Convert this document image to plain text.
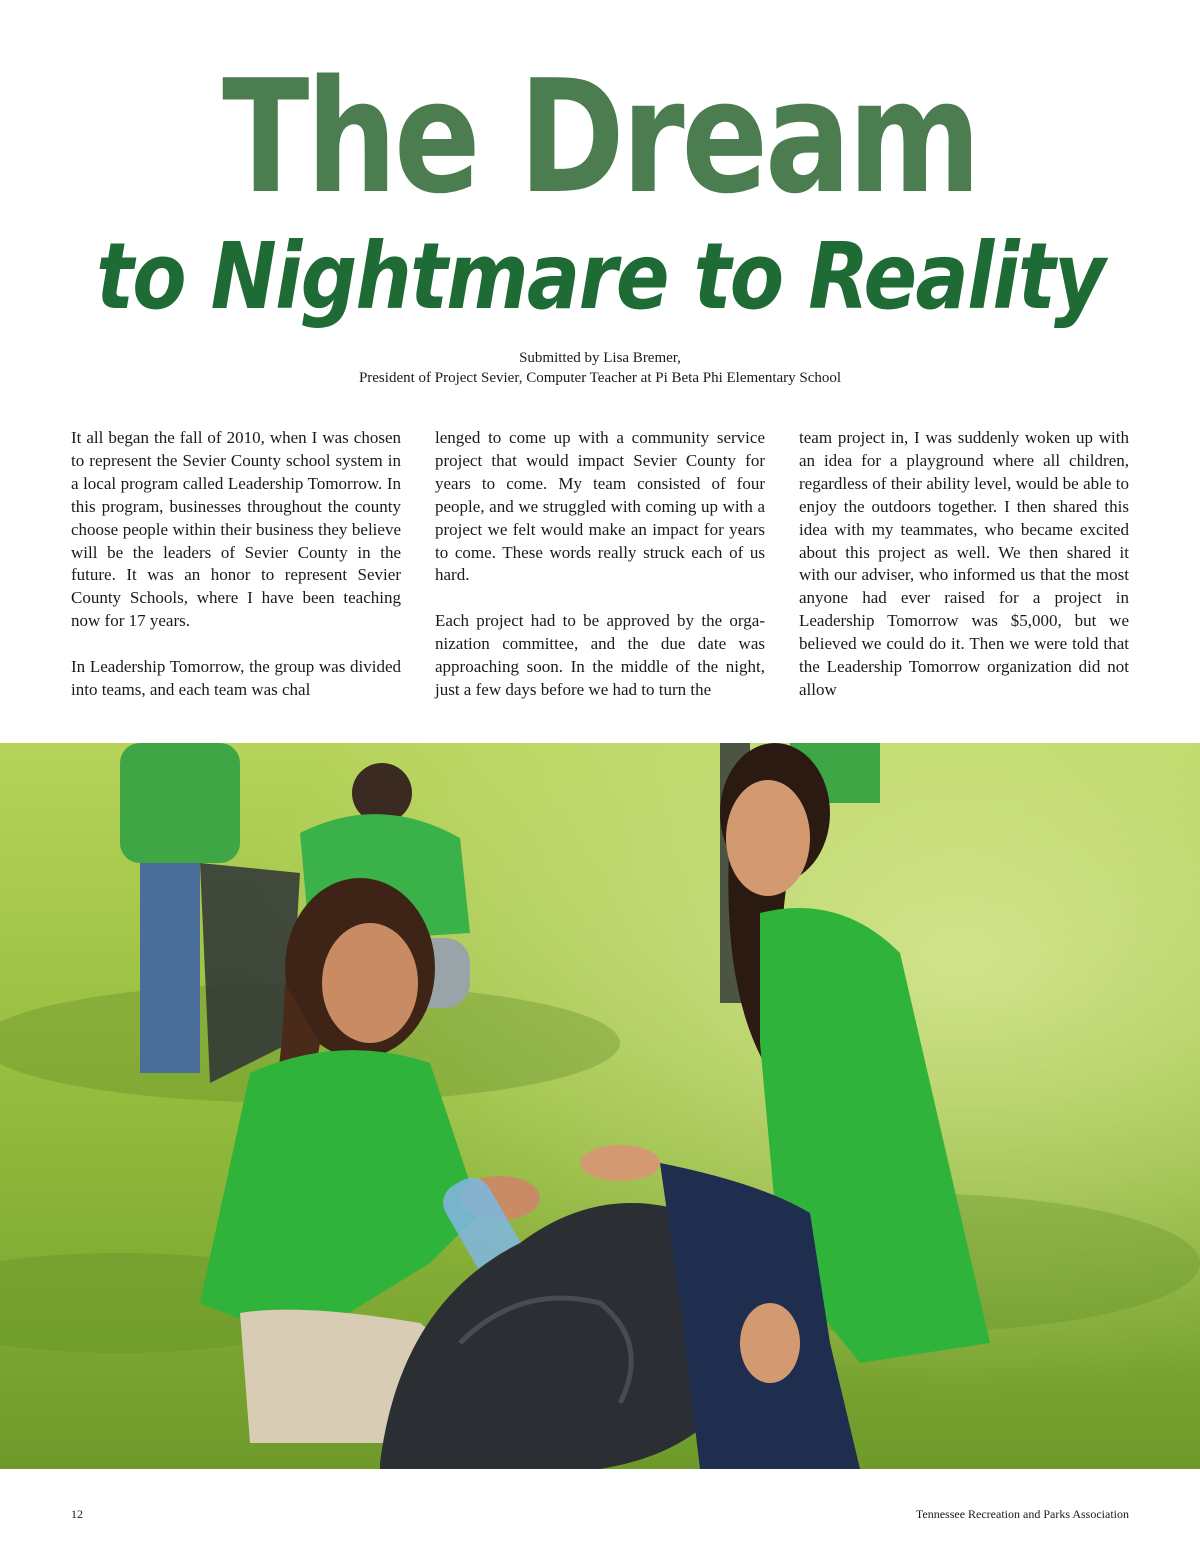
The Dream
to Nightmare to Reality
Submitted by Lisa Bremer,
President of Project Sevier, Computer Teacher at Pi Beta Phi Elementary School

It all began the fall of 2010, when I was chosen to represent the Sevier County school system in a local program called Leadership Tomorrow. In this program, businesses throughout the county choose people within their business they believe will be the leaders of Sevier County in the future. It was an honor to represent Sevier County Schools, where I have been teaching now for 17 years.

In Leadership Tomorrow, the group was divided into teams, and each team was chal

lenged to come up with a community service project that would impact Sevier County for years to come. My team consisted of four people, and we struggled with coming up with a project we felt would make an impact for years to come. These words really struck each of us hard.

Each project had to be approved by the organization committee, and the due date was approaching soon. In the middle of the night, just a few days before we had to turn the

team project in, I was suddenly woken up with an idea for a playground where all children, regardless of their ability level, would be able to enjoy the outdoors together. I then shared this idea with my teammates, who became excited about this project as well. We then shared it with our adviser, who informed us that the most anyone had ever raised for a project in Leadership Tomorrow was $5,000, but we believed we could do it. Then we were told that the Leadership Tomorrow organization did not allow

12	Tennessee Recreation and Parks Association
